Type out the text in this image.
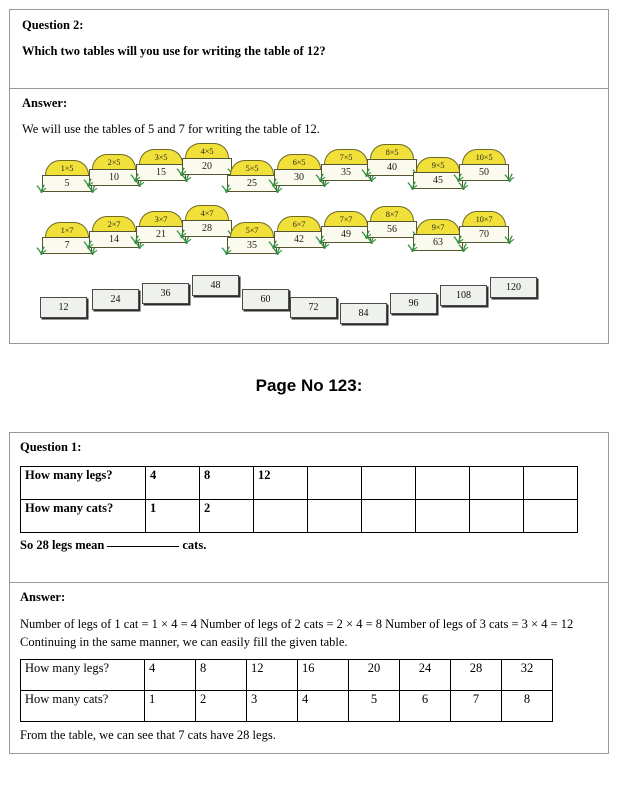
Question 2:

Which two tables will you use for writing the table of 12?

Answer:

We will use the tables of 5 and 7 for writing the table of 12.

1×5
5
2×5
10
3×5
15
4×5
20	5×5
25
6×5
30
7×5
35
8×5
40	9×5
45
10×5
50
1×7
7
2×7
14
3×7
21
4×7
28	5×7
35
6×7
42
7×7
49
8×7
56	9×7
63
10×7
70
12
24
36
48
60
72
84
96
108
120
Page No 123:

Question 1:

How many legs?	4	8	12					
How many cats?	1	2						

So 28 legs mean	cats.

Answer:

Number of legs of 1 cat = 1 × 4 = 4 Number of legs of 2 cats = 2 × 4 = 8 Number of legs of 3 cats = 3 × 4 = 12 Continuing in the same manner, we can easily fill the given table.

How many legs?	4	8	12	16	20	24	28	32
How many cats?	1	2	3	4	5	6	7	8

From the table, we can see that 7 cats have 28 legs.
